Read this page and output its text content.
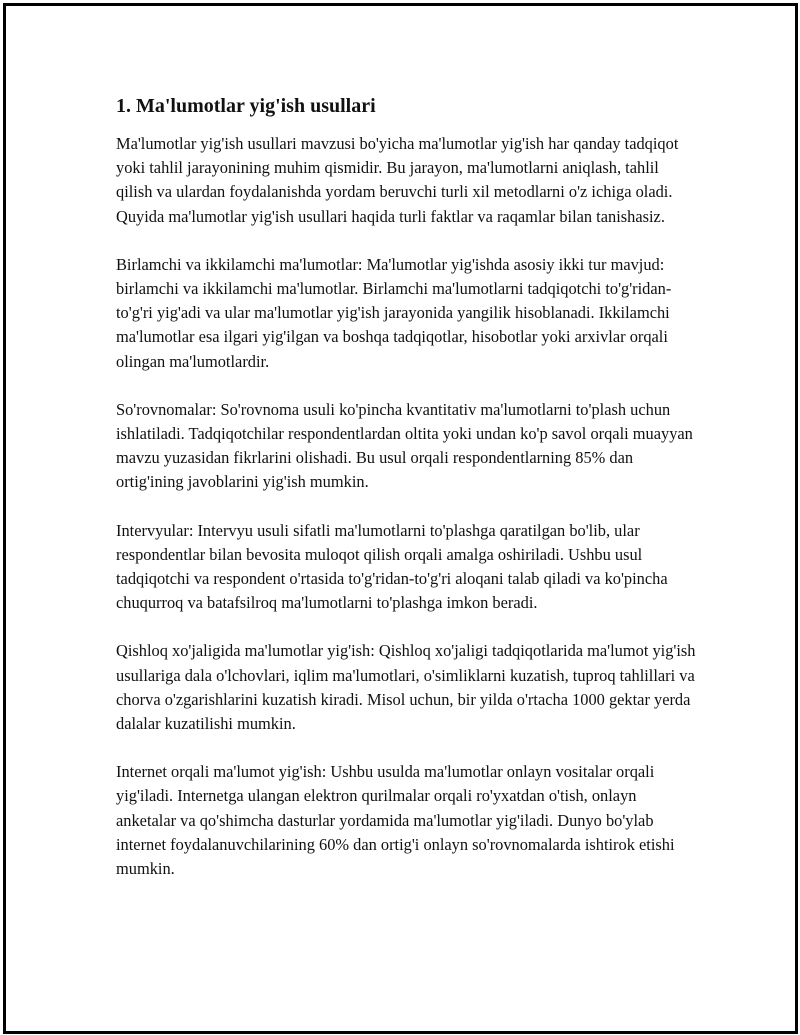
1. Ma'lumotlar yig'ish usullari

Ma'lumotlar yig'ish usullari mavzusi bo'yicha ma'lumotlar yig'ish har qanday tadqiqot yoki tahlil jarayonining muhim qismidir. Bu jarayon, ma'lumotlarni aniqlash, tahlil qilish va ulardan foydalanishda yordam beruvchi turli xil metodlarni o'z ichiga oladi. Quyida ma'lumotlar yig'ish usullari haqida turli faktlar va raqamlar bilan tanishasiz.

Birlamchi va ikkilamchi ma'lumotlar: Ma'lumotlar yig'ishda asosiy ikki tur mavjud: birlamchi va ikkilamchi ma'lumotlar. Birlamchi ma'lumotlarni tadqiqotchi to'g'ridan-to'g'ri yig'adi va ular ma'lumotlar yig'ish jarayonida yangilik hisoblanadi. Ikkilamchi ma'lumotlar esa ilgari yig'ilgan va boshqa tadqiqotlar, hisobotlar yoki arxivlar orqali olingan ma'lumotlardir.

So'rovnomalar: So'rovnoma usuli ko'pincha kvantitativ ma'lumotlarni to'plash uchun ishlatiladi. Tadqiqotchilar respondentlardan oltita yoki undan ko'p savol orqali muayyan mavzu yuzasidan fikrlarini olishadi. Bu usul orqali respondentlarning 85% dan ortig'ining javoblarini yig'ish mumkin.

Intervyular: Intervyu usuli sifatli ma'lumotlarni to'plashga qaratilgan bo'lib, ular respondentlar bilan bevosita muloqot qilish orqali amalga oshiriladi. Ushbu usul tadqiqotchi va respondent o'rtasida to'g'ridan-to'g'ri aloqani talab qiladi va ko'pincha chuqurroq va batafsilroq ma'lumotlarni to'plashga imkon beradi.

Qishloq xo'jaligida ma'lumotlar yig'ish: Qishloq xo'jaligi tadqiqotlarida ma'lumot yig'ish usullariga dala o'lchovlari, iqlim ma'lumotlari, o'simliklarni kuzatish, tuproq tahlillari va chorva o'zgarishlarini kuzatish kiradi. Misol uchun, bir yilda o'rtacha 1000 gektar yerda dalalar kuzatilishi mumkin.

Internet orqali ma'lumot yig'ish: Ushbu usulda ma'lumotlar onlayn vositalar orqali yig'iladi. Internetga ulangan elektron qurilmalar orqali ro'yxatdan o'tish, onlayn anketalar va qo'shimcha dasturlar yordamida ma'lumotlar yig'iladi. Dunyo bo'ylab internet foydalanuvchilarining 60% dan ortig'i onlayn so'rovnomalarda ishtirok etishi mumkin.
